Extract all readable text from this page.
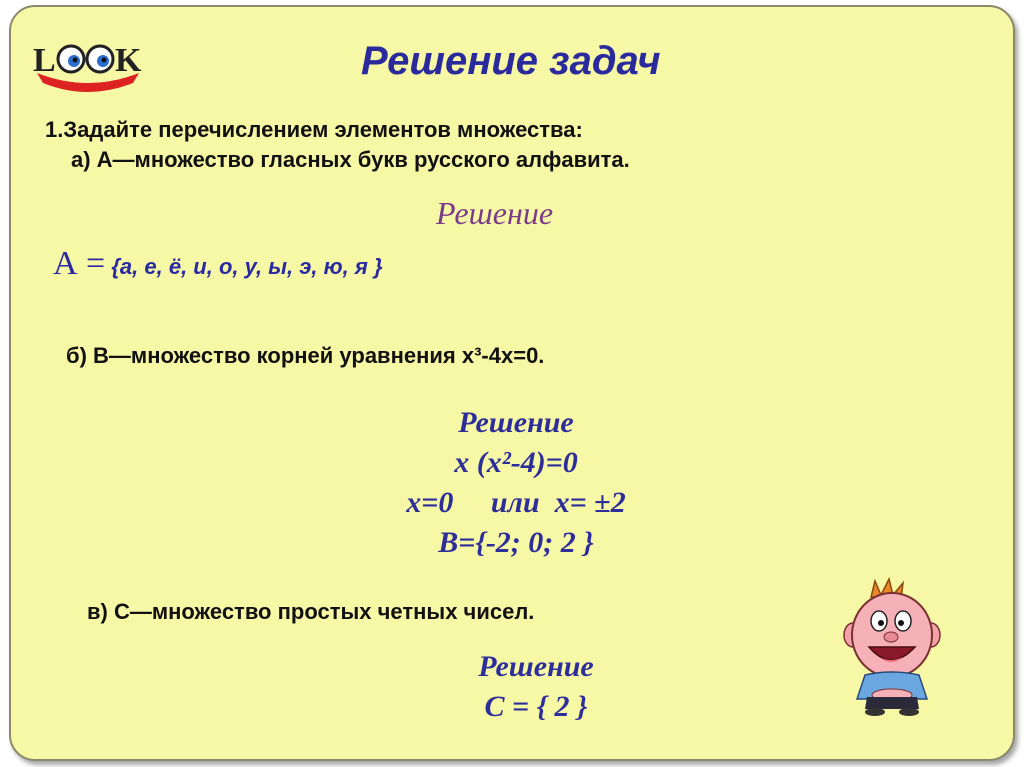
L K	Решение задач
1.Задайте перечислением элементов множества:
а) А—множество гласных букв русского алфавита.
Решение
А = {а, е, ё, и, о, у, ы, э, ю, я }
б) В—множество корней уравнения x³-4x=0.
Решение
х (х²-4)=0
х=0     или  х= ±2
В={-2; 0; 2 }
в) С—множество простых четных чисел.
Решение
С = { 2 }
